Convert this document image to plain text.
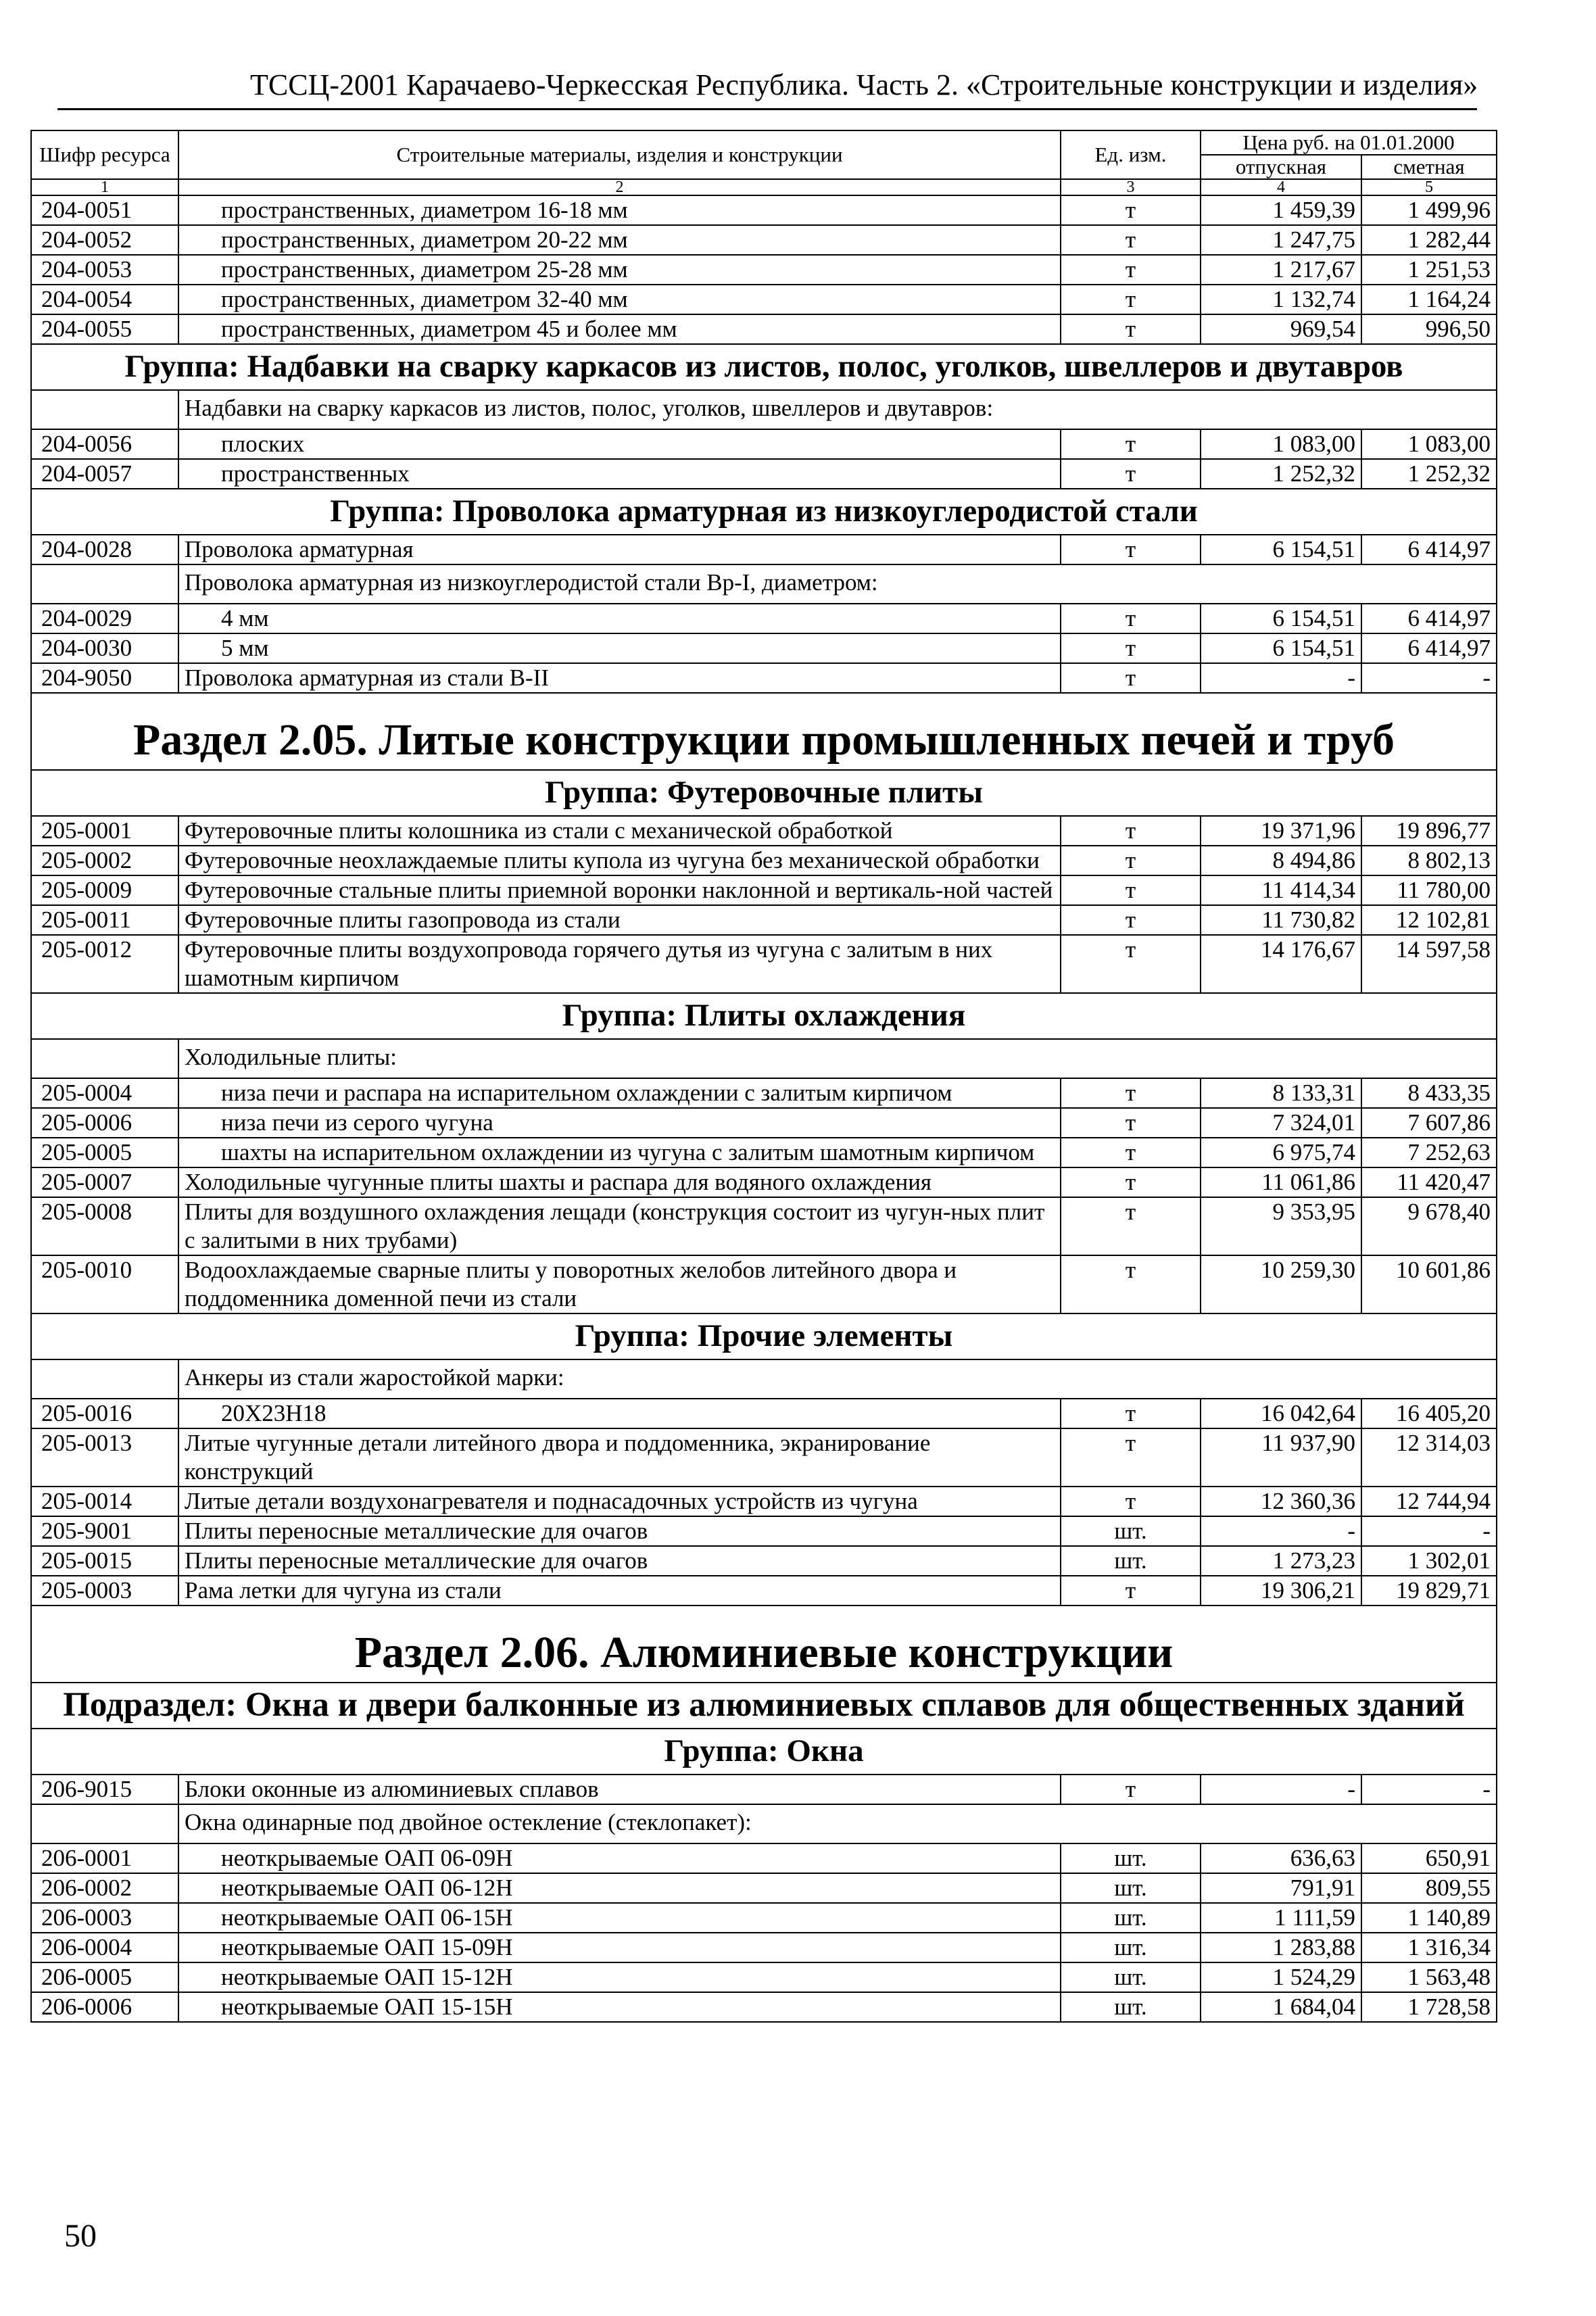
ТССЦ-2001 Карачаево-Черкесская Республика. Часть 2. «Строительные конструкции и изделия»
Шифр ресурса	Строительные материалы, изделия и конструкции	Ед. изм.	Цена руб. на 01.01.2000	
			отпускная	сметная
1	2	3	4	5
204-0051	пространственных, диаметром 16-18 мм	т	1 459,39	1 499,96
204-0052	пространственных, диаметром 20-22 мм	т	1 247,75	1 282,44
204-0053	пространственных, диаметром 25-28 мм	т	1 217,67	1 251,53
204-0054	пространственных, диаметром 32-40 мм	т	1 132,74	1 164,24
204-0055	пространственных, диаметром 45 и более мм	т	969,54	996,50
Группа: Надбавки на сварку каркасов из листов, полос, уголков, швеллеров и двутавров				
	Надбавки на сварку каркасов из листов, полос, уголков, швеллеров и двутавров:			
204-0056	плоских	т	1 083,00	1 083,00
204-0057	пространственных	т	1 252,32	1 252,32
Группа: Проволока арматурная из низкоуглеродистой стали				
204-0028	Проволока арматурная	т	6 154,51	6 414,97
	Проволока арматурная из низкоуглеродистой стали Вр-I, диаметром:			
204-0029	4 мм	т	6 154,51	6 414,97
204-0030	5 мм	т	6 154,51	6 414,97
204-9050	Проволока арматурная из стали В-II	т	-	-
Раздел 2.05. Литые конструкции промышленных печей и труб				
Группа: Футеровочные плиты				
205-0001	Футеровочные плиты колошника из стали с механической обработкой	т	19 371,96	19 896,77
205-0002	Футеровочные неохлаждаемые плиты купола из чугуна без механической обработки	т	8 494,86	8 802,13
205-0009	Футеровочные стальные плиты приемной воронки наклонной и вертикаль-ной частей	т	11 414,34	11 780,00
205-0011	Футеровочные плиты газопровода из стали	т	11 730,82	12 102,81
205-0012	Футеровочные плиты воздухопровода горячего дутья из чугуна с залитым в них шамотным кирпичом	т	14 176,67	14 597,58
Группа: Плиты охлаждения				
	Холодильные плиты:			
205-0004	низа печи и распара на испарительном охлаждении с залитым кирпичом	т	8 133,31	8 433,35
205-0006	низа печи из серого чугуна	т	7 324,01	7 607,86
205-0005	шахты на испарительном охлаждении из чугуна с залитым шамотным кирпичом	т	6 975,74	7 252,63
205-0007	Холодильные чугунные плиты шахты и распара для водяного охлаждения	т	11 061,86	11 420,47
205-0008	Плиты для воздушного охлаждения лещади (конструкция состоит из чугун-ных плит с залитыми в них трубами)	т	9 353,95	9 678,40
205-0010	Водоохлаждаемые сварные плиты у поворотных желобов литейного двора и поддоменника доменной печи из стали	т	10 259,30	10 601,86
Группа: Прочие элементы				
	Анкеры из стали жаростойкой марки:			
205-0016	20Х23Н18	т	16 042,64	16 405,20
205-0013	Литые чугунные детали литейного двора и поддоменника, экранирование конструкций	т	11 937,90	12 314,03
205-0014	Литые детали воздухонагревателя и поднасадочных устройств из чугуна	т	12 360,36	12 744,94
205-9001	Плиты переносные металлические для очагов	шт.	-	-
205-0015	Плиты переносные металлические для очагов	шт.	1 273,23	1 302,01
205-0003	Рама летки для чугуна из стали	т	19 306,21	19 829,71
Раздел 2.06. Алюминиевые конструкции				
Подраздел: Окна и двери балконные из алюминиевых сплавов для общественных зданий				
Группа: Окна				
206-9015	Блоки оконные из алюминиевых сплавов	т	-	-
	Окна одинарные под двойное остекление (стеклопакет):			
206-0001	неоткрываемые ОАП 06-09Н	шт.	636,63	650,91
206-0002	неоткрываемые ОАП 06-12Н	шт.	791,91	809,55
206-0003	неоткрываемые ОАП 06-15Н	шт.	1 111,59	1 140,89
206-0004	неоткрываемые ОАП 15-09Н	шт.	1 283,88	1 316,34
206-0005	неоткрываемые ОАП 15-12Н	шт.	1 524,29	1 563,48
206-0006	неоткрываемые ОАП 15-15Н	шт.	1 684,04	1 728,58
50
